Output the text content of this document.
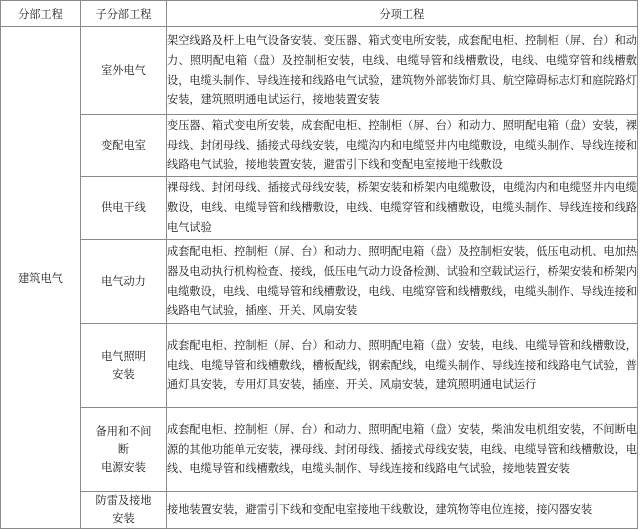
分部工程	子分部工程	分项工程
建筑电气	室外电气	架空线路及杆上电气设备安装、变压器、箱式变电所安装，成套配电柜、控制柜（屏、台）和动力、照明配电箱（盘）及控制柜安装，电线、电缆导管和线槽敷设，电线、电缆穿管和线槽敷设，电缆头制作、导线连接和线路电气试验，建筑物外部装饰灯具、航空障碍标志灯和庭院路灯安装，建筑照明通电试运行，接地装置安装

	变配电室	变压器、箱式变电所安装，成套配电柜、控制柜（屏、台）和动力、照明配电箱（盘）安装，裸母线、封闭母线、插接式母线安装，电缆沟内和电缆竖井内电缆敷设，电缆头制作、导线连接和线路电气试验，接地装置安装，避雷引下线和变配电室接地干线敷设

	供电干线	裸母线、封闭母线、插接式母线安装，桥架安装和桥架内电缆敷设，电缆沟内和电缆竖井内电缆敷设，电线、电缆导管和线槽敷设，电线、电缆穿管和线槽敷设，电缆头制作、导线连接和线路电气试验

	电气动力	成套配电柜、控制柜（屏、台）和动力、照明配电箱（盘）及控制柜安装，低压电动机、电加热器及电动执行机构检查、接线，低压电气动力设备检测、试验和空载试运行，桥架安装和桥架内电缆敷设，电线、电缆导管和线槽敷设，电线、电缆穿管和线槽敷线，电缆头制作、导线连接和线路电气试验，插座、开关、风扇安装

	电气照明
安装	成套配电柜、控制柜（屏、台）和动力、照明配电箱（盘）安装，电线、电缆导管和线槽敷设，电线、电缆导管和线槽敷线，槽板配线，钢索配线，电缆头制作、导线连接和线路电气试验，普通灯具安装，专用灯具安装，插座、开关、风扇安装，建筑照明通电试运行

	备用和不间
断
电源安装	成套配电柜、控制柜（屏、台）和动力、照明配电箱（盘）安装，柴油发电机组安装，不间断电源的其他功能单元安装，裸母线、封闭母线、插接式母线安装，电线、电缆导管和线槽敷设，电线、电缆导管和线槽敷线，电缆头制作、导线连接和线路电气试验，接地装置安装

	防雷及接地
安装	接地装置安装，避雷引下线和变配电室接地干线敷设，建筑物等电位连接，接闪器安装
